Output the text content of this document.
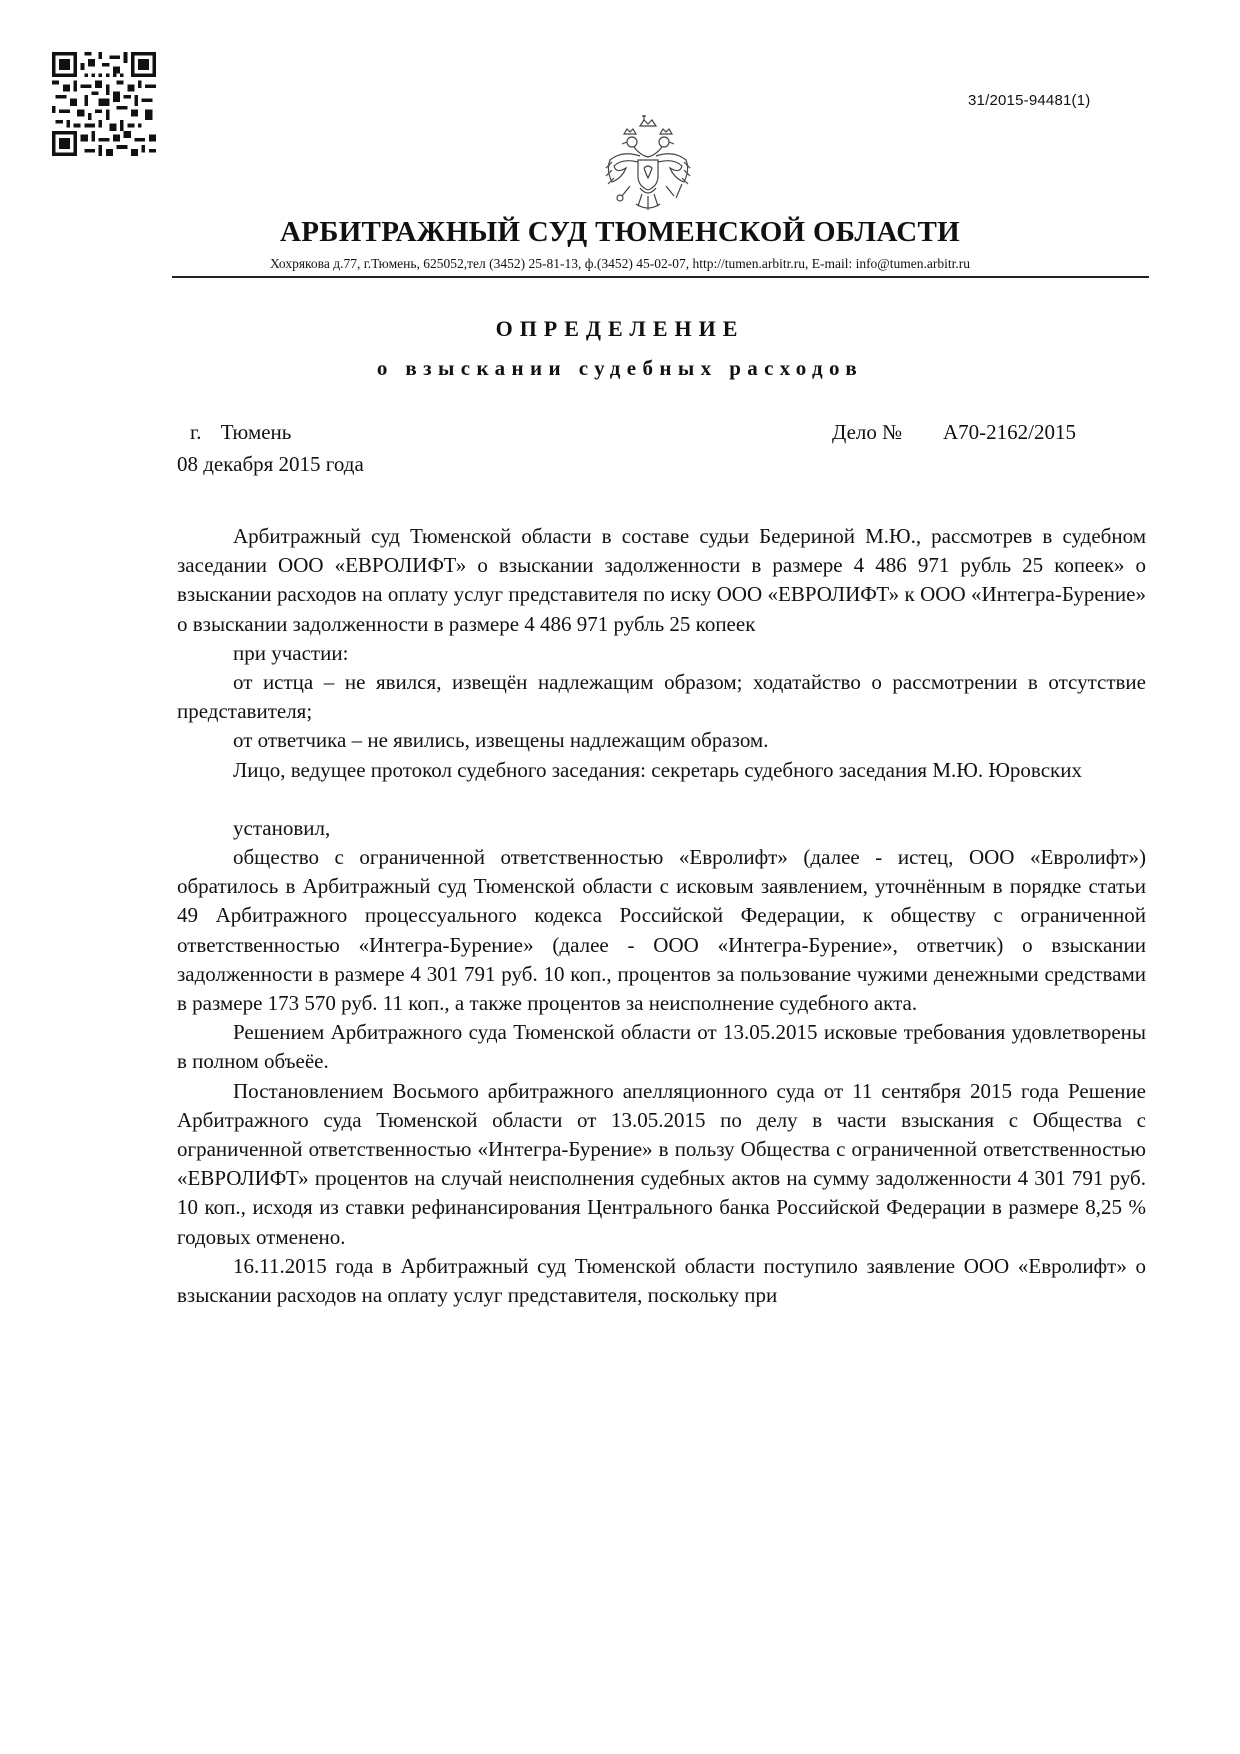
31/2015-94481(1)
АРБИТРАЖНЫЙ СУД ТЮМЕНСКОЙ ОБЛАСТИ
Хохрякова д.77, г.Тюмень, 625052,тел (3452) 25-81-13, ф.(3452) 45-02-07, http://tumen.arbitr.ru, E-mail: info@tumen.arbitr.ru
ОПРЕДЕЛЕНИЕ
о взыскании судебных расходов
г. Тюмень	Дело № А70-2162/2015
08 декабря 2015 года

Арбитражный суд Тюменской области в составе судьи Бедериной М.Ю., рассмотрев в судебном заседании ООО «ЕВРОЛИФТ» о взыскании задолженности в размере 4 486 971 рубль 25 копеек» о взыскании расходов на оплату услуг представителя по иску ООО «ЕВРОЛИФТ» к ООО «Интегра-Бурение» о взыскании задолженности в размере 4 486 971 рубль 25 копеек

при участии:

от истца – не явился, извещён надлежащим образом; ходатайство о рассмотрении в отсутствие представителя;

от ответчика – не явились, извещены надлежащим образом.

Лицо, ведущее протокол судебного заседания: секретарь судебного заседания М.Ю. Юровских

установил,

общество с ограниченной ответственностью «Евролифт» (далее - истец, ООО «Евролифт») обратилось в Арбитражный суд Тюменской области с исковым заявлением, уточнённым в порядке статьи 49 Арбитражного процессуального кодекса Российской Федерации, к обществу с ограниченной ответственностью «Интегра-Бурение» (далее - ООО «Интегра-Бурение», ответчик) о взыскании задолженности в размере 4 301 791 руб. 10 коп., процентов за пользование чужими денежными средствами в размере 173 570 руб. 11 коп., а также процентов за неисполнение судебного акта.

Решением Арбитражного суда Тюменской области от 13.05.2015 исковые требования удовлетворены в полном объеёе.

Постановлением Восьмого арбитражного апелляционного суда от 11 сентября 2015 года Решение Арбитражного суда Тюменской области от 13.05.2015 по делу в части взыскания с Общества с ограниченной ответственностью «Интегра-Бурение» в пользу Общества с ограниченной ответственностью «ЕВРОЛИФТ» процентов на случай неисполнения судебных актов на сумму задолженности 4 301 791 руб. 10 коп., исходя из ставки рефинансирования Центрального банка Российской Федерации в размере 8,25 % годовых отменено.

16.11.2015 года в Арбитражный суд Тюменской области поступило заявление ООО «Евролифт» о взыскании расходов на оплату услуг представителя, поскольку при
